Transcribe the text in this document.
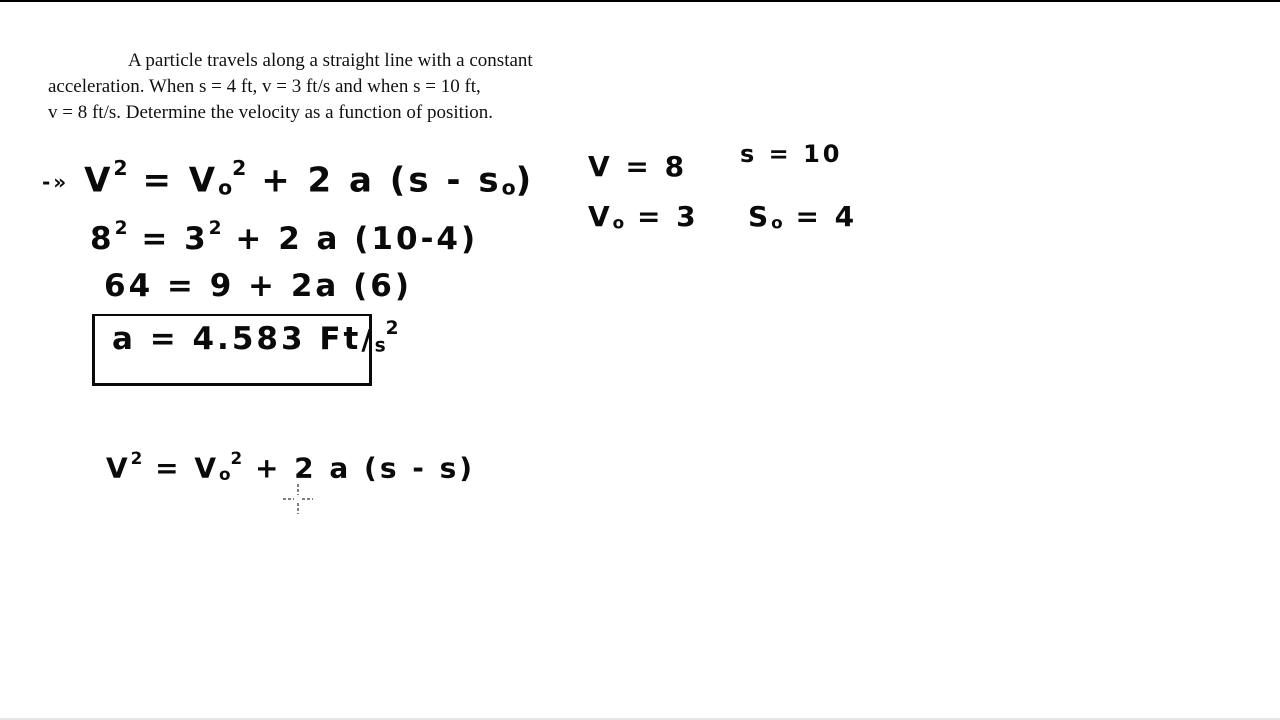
A particle travels along a straight line with a constant
acceleration. When s = 4 ft, v = 3 ft/s and when s = 10 ft,
v = 8 ft/s. Determine the velocity as a function of position.
-» $V^2 = V_o^2 + 2$ a $(s - s_o)$
$8^2 = 3^2 + 2$ a (10-4)
64 = 9 + 2a (6)
a = 4.583 $Ft/_s^2$
$V^2 = V_o^2 + 2$ a (s - s)
V = 8 s = 10
$V_o = 3$ $S_o = 4$
